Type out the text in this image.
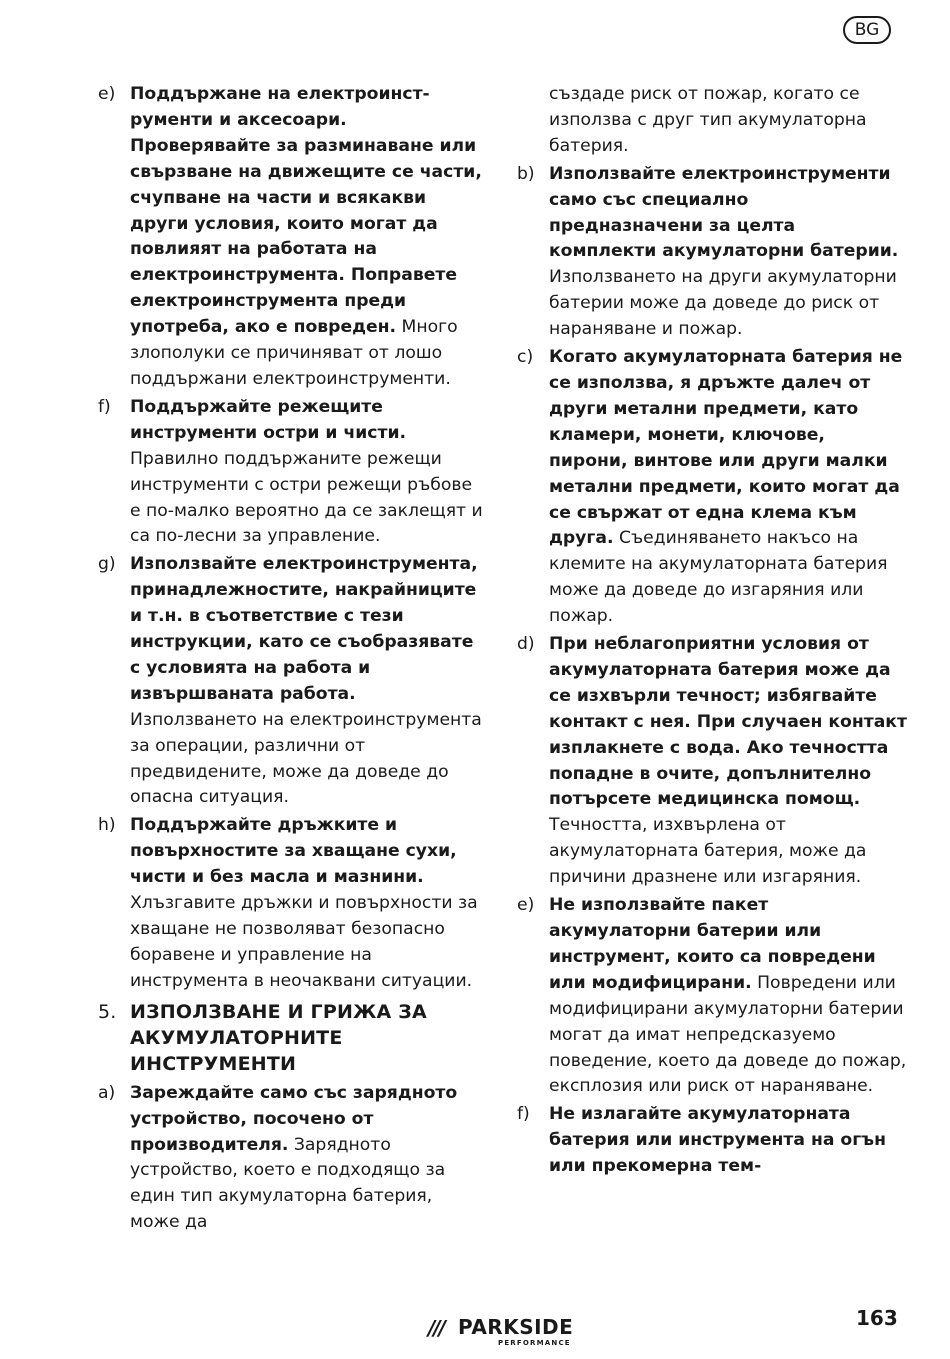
BG
e) Поддържане на електроинст-рументи и аксесоари. Проверявайте за разминаване или свързване на движещите се части, счупване на части и всякакви други условия, които могат да повлияят на работата на електроинструмента. Поправете електроинструмента преди употреба, ако е повреден. Много злополуки се причиняват от лошо поддържани електроинструменти.

f) Поддържайте режещите инструменти остри и чисти. Правилно поддържаните режещи инструменти с остри режещи ръбове е по-малко вероятно да се заклещят и са по-лесни за управление.

g) Използвайте електроинструмента, принадлежностите, накрайниците и т.н. в съответствие с тези инструкции, като се съобразявате с условията на работа и извършваната работа. Използването на електроинструмента за операции, различни от предвидените, може да доведе до опасна ситуация.

h) Поддържайте дръжките и повърхностите за хващане сухи, чисти и без масла и мазнини. Хлъзгавите дръжки и повърхности за хващане не позволяват безопасно боравене и управление на инструмента в неочаквани ситуации.

5. ИЗПОЛЗВАНЕ И ГРИЖА ЗА АКУМУЛАТОРНИТЕ ИНСТРУМЕНТИ
a) Зареждайте само със зарядното устройство, посочено от производителя. Зарядното устройство, което е подходящо за един тип акумулаторна батерия, може да

създаде риск от пожар, когато се използва с друг тип акумулаторна батерия.

b) Използвайте електроинструменти само със специално предназначени за целта комплекти акумулаторни батерии. Използването на други акумулаторни батерии може да доведе до риск от нараняване и пожар.

c) Когато акумулаторната батерия не се използва, я дръжте далеч от други метални предмети, като кламери, монети, ключове, пирони, винтове или други малки метални предмети, които могат да се свържат от една клема към друга. Съединяването накъсо на клемите на акумулаторната батерия може да доведе до изгаряния или пожар.

d) При неблагоприятни условия от акумулаторната батерия може да се изхвърли течност; избягвайте контакт с нея. При случаен контакт изплакнете с вода. Ако течността попадне в очите, допълнително потърсете медицинска помощ. Течността, изхвърлена от акумулаторната батерия, може да причини дразнене или изгаряния.

e) Не използвайте пакет акумулаторни батерии или инструмент, които са повредени или модифицирани. Повредени или модифицирани акумулаторни батерии могат да имат непредсказуемо поведение, което да доведе до пожар, експлозия или риск от нараняване.

f) Не излагайте акумулаторната батерия или инструмента на огън или прекомерна тем-

/// PARKSIDE
PERFORMANCE
163
